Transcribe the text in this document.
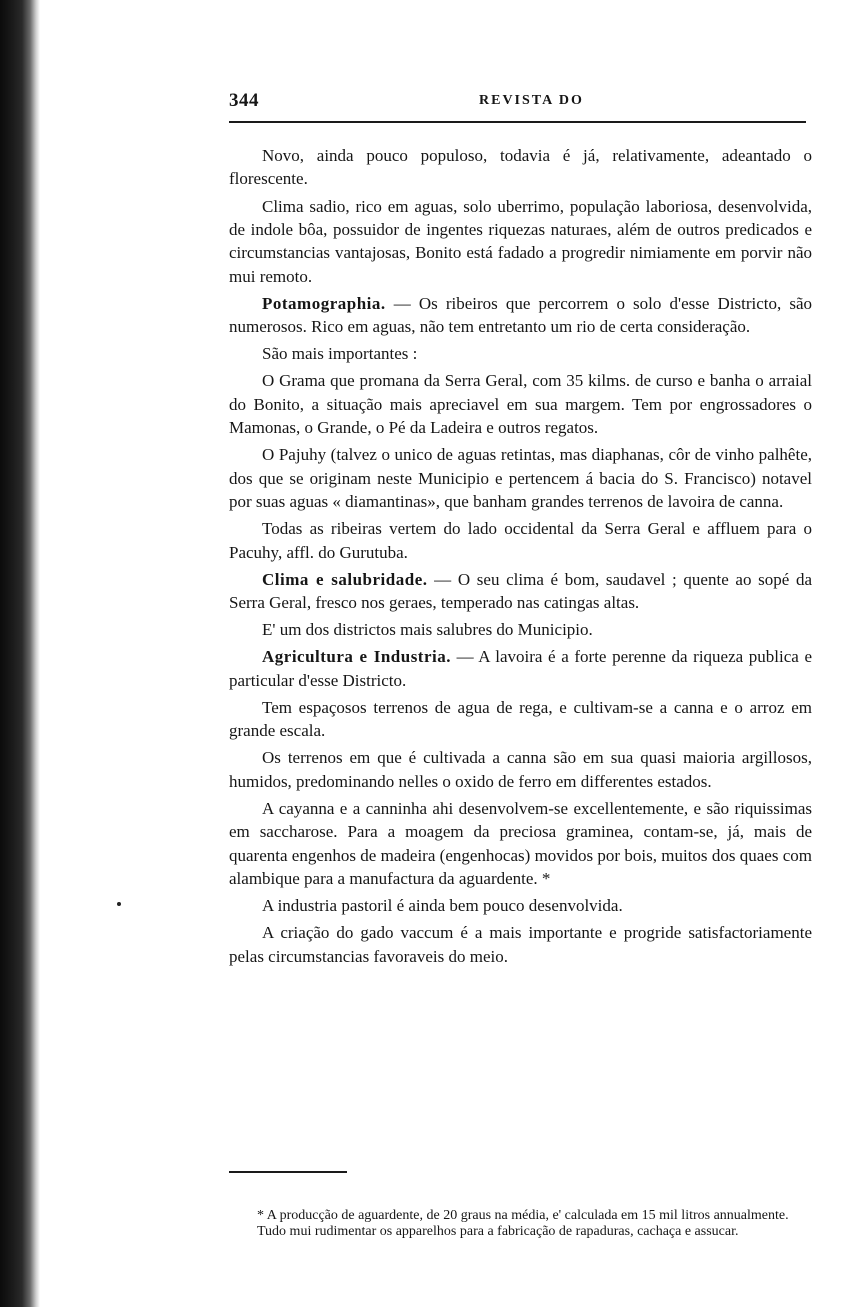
344	REVISTA DO

Novo, ainda pouco populoso, todavia é já, relativamente, adeantado o florescente.

Clima sadio, rico em aguas, solo uberrimo, população laboriosa, desenvolvida, de indole bôa, possuidor de ingentes riquezas naturaes, além de outros predicados e circumstancias vantajosas, Bonito está fadado a progredir nimiamente em porvir não mui remoto.

Potamographia. — Os ribeiros que percorrem o solo d'esse Districto, são numerosos. Rico em aguas, não tem entretanto um rio de certa consideração.

São mais importantes :

O Grama que promana da Serra Geral, com 35 kilms. de curso e banha o arraial do Bonito, a situação mais apreciavel em sua margem. Tem por engrossadores o Mamonas, o Grande, o Pé da Ladeira e outros regatos.

O Pajuhy (talvez o unico de aguas retintas, mas diaphanas, côr de vinho palhête, dos que se originam neste Municipio e pertencem á bacia do S. Francisco) notavel por suas aguas « diamantinas», que banham grandes terrenos de lavoira de canna.

Todas as ribeiras vertem do lado occidental da Serra Geral e affluem para o Pacuhy, affl. do Gurutuba.

Clima e salubridade. — O seu clima é bom, saudavel ; quente ao sopé da Serra Geral, fresco nos geraes, temperado nas catingas altas.

E' um dos districtos mais salubres do Municipio.

Agricultura e Industria. — A lavoira é a forte perenne da riqueza publica e particular d'esse Districto.

Tem espaçosos terrenos de agua de rega, e cultivam-se a canna e o arroz em grande escala.

Os terrenos em que é cultivada a canna são em sua quasi maioria argillosos, humidos, predominando nelles o oxido de ferro em differentes estados.

A cayanna e a canninha ahi desenvolvem-se excellentemente, e são riquissimas em saccharose. Para a moagem da preciosa graminea, contam-se, já, mais de quarenta engenhos de madeira (engenhocas) movidos por bois, muitos dos quaes com alambique para a manufactura da aguardente. *

A industria pastoril é ainda bem pouco desenvolvida.

A criação do gado vaccum é a mais importante e progride satisfactoriamente pelas circumstancias favoraveis do meio.

* A producção de aguardente, de 20 graus na média, e' calculada em 15 mil litros annualmente.

Tudo mui rudimentar os apparelhos para a fabricação de rapaduras, cachaça e assucar.
